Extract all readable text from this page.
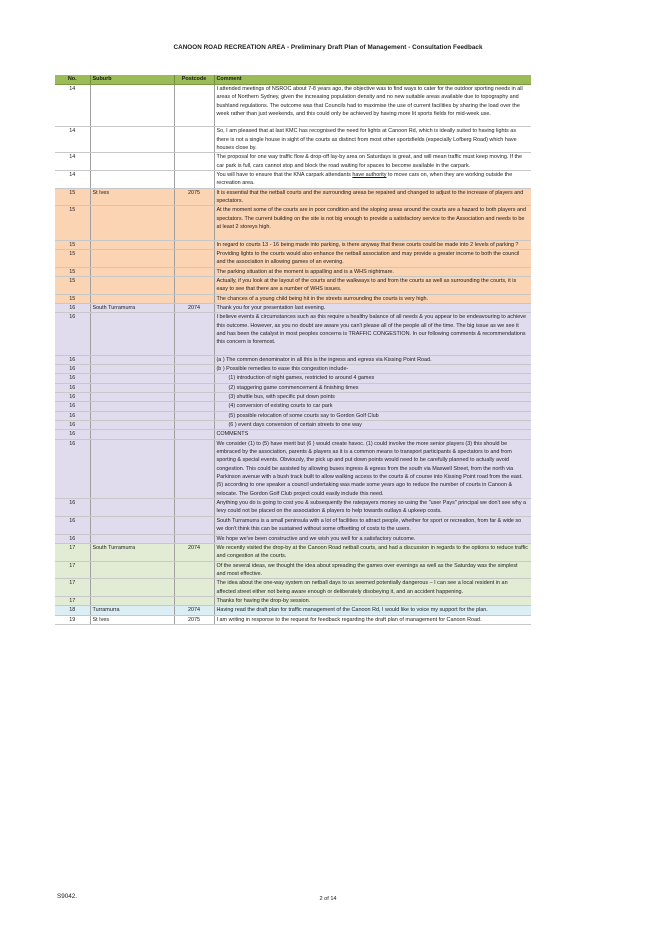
CANOON ROAD RECREATION AREA - Preliminary Draft Plan of Management - Consultation Feedback
No.	Suburb	Postcode	Comment
14			I attended meetings of NSROC about 7-8 years ago, the objective was to find ways to cater for the outdoor sporting needs in all areas of Northern Sydney, given the increasing population density and no new suitable areas available due to topography and bushland regulations. The outcome was that Councils had to maximise the use of current facilities by sharing the load over the week rather than just weekends, and this could only be achieved by having more lit sports fields for mid-week use.
14			So, I am pleased that at last KMC has recognised the need for lights at Canoon Rd, which is ideally suited to having lights as there is not a single house in sight of the courts as distinct from most other sportsfields (especially Lofberg Road) which have houses close by.
14			The proposal for one way traffic flow & drop-off lay-by area on Saturdays is great, and will mean traffic must keep moving. If the car park is full, cars cannot stop and block the road waiting for spaces to become available in the carpark.
14			You will have to ensure that the KNA carpark attendants have authority to move cars on, when they are working outside the recreation area.
15	St Ives	2075	It is essential that the netball courts and the surrounding areas be repaired and changed to adjust to the increase of players and spectators.
15			At the moment some of the courts are in poor condition and the sloping areas around the courts are a hazard to both players and spectators. The current building on the site is not big enough to provide a satisfactory service to the Association and needs to be at least 2 storeys high.
15			In regard to courts 13 - 16 being made into parking, is there anyway that these courts could be made into 2 levels of parking ?
15			Providing lights to the courts would also enhance the netball association and may provide a greater income to both the council and the association in allowing games of an evening.
15			The parking situation at the moment is appalling and is a WHS nightmare.
15			Actually, if you look at the layout of the courts and the walkways to and from the courts as well as surrounding the courts, it is easy to see that there are a number of WHS issues.
15			The chances of a young child being hit in the streets surrounding the courts is very high.
16	South Turramurra	2074	Thank you for your presentation last evening.
16			I believe events & circumstances such as this require a healthy balance of all needs & you appear to be endeavouring to achieve this outcome. However, as you no doubt are aware you can't please all of the people all of the time. The big issue as we see it and has been the catalyst in most peoples concerns is TRAFFIC CONGESTION. In our following comments & recommendations this concern is foremost.
16			(a ) The common denominator in all this is the ingress and egress via Kissing Point Road.
16			(b ) Possible remedies to ease this congestion include-
16			(1) introduction of night games, restricted to around 4 games
16			(2) staggering game commencement & finishing times
16			(3) shuttle bus, with specific put down points
16			(4) conversion of existing courts to car park
16			(5) possible relocation of some courts say to Gordon Golf Club
16			(6 ) event days conversion of certain streets to one way
16			COMMENTS
16			We consider (1) to (5) have merit but (6 ) would create havoc. (1) could involve the more senior players (3) this should be embraced by the association, parents & players as it is a common means to transport participants & spectators to and from sporting & special events. Obviously, the pick up and put down points would need to be carefully planned to actually avoid congestion. This could be assisted by allowing buses ingress & egress from the south via Maxwell Street, from the north via Parkinson avenue with a bush track built to allow walking access to the courts & of course into Kissing Point road from the east.(5) according to one speaker a council undertaking was made some years ago to reduce the number of courts in Canoon & relocate. The Gordon Golf Club project could easily include this need.
16			Anything you do is going to cost you & subsequently the ratepayers money so using the "user Pays" principal we don't see why a levy could not be placed on the association & players to help towards outlays & upkeep costs.
16			South Turramurra is a small peninsula with a lot of facilities to attract people, whether for sport or recreation, from far & wide so we don't think this can be sustained without some offsetting of costs to the users.
16			We hope we've been constructive and we wish you well for a satisfactory outcome.
17	South Turramurra	2074	We recently visited the drop-by at the Canoon Road netball courts, and had a discussion in regards to the options to reduce traffic and congestion at the courts.
17			Of the several ideas, we thought the idea about spreading the games over evenings as well as the Saturday was the simplest and most effective.
17			The idea about the one-way system on netball days to us seemed potentially dangerous – I can see a local resident in an affected street either not being aware enough or deliberately disobeying it, and an accident happening.
17			Thanks for having the drop-by session.
18	Turramurra	2074	Having read the draft plan for traffic management of the Canoon Rd, I would like to voice my support for the plan.
19	St Ives	2075	I am writing in response to the request for feedback regarding the draft plan of management for Canoon Road.
S9042.	2 of 14
